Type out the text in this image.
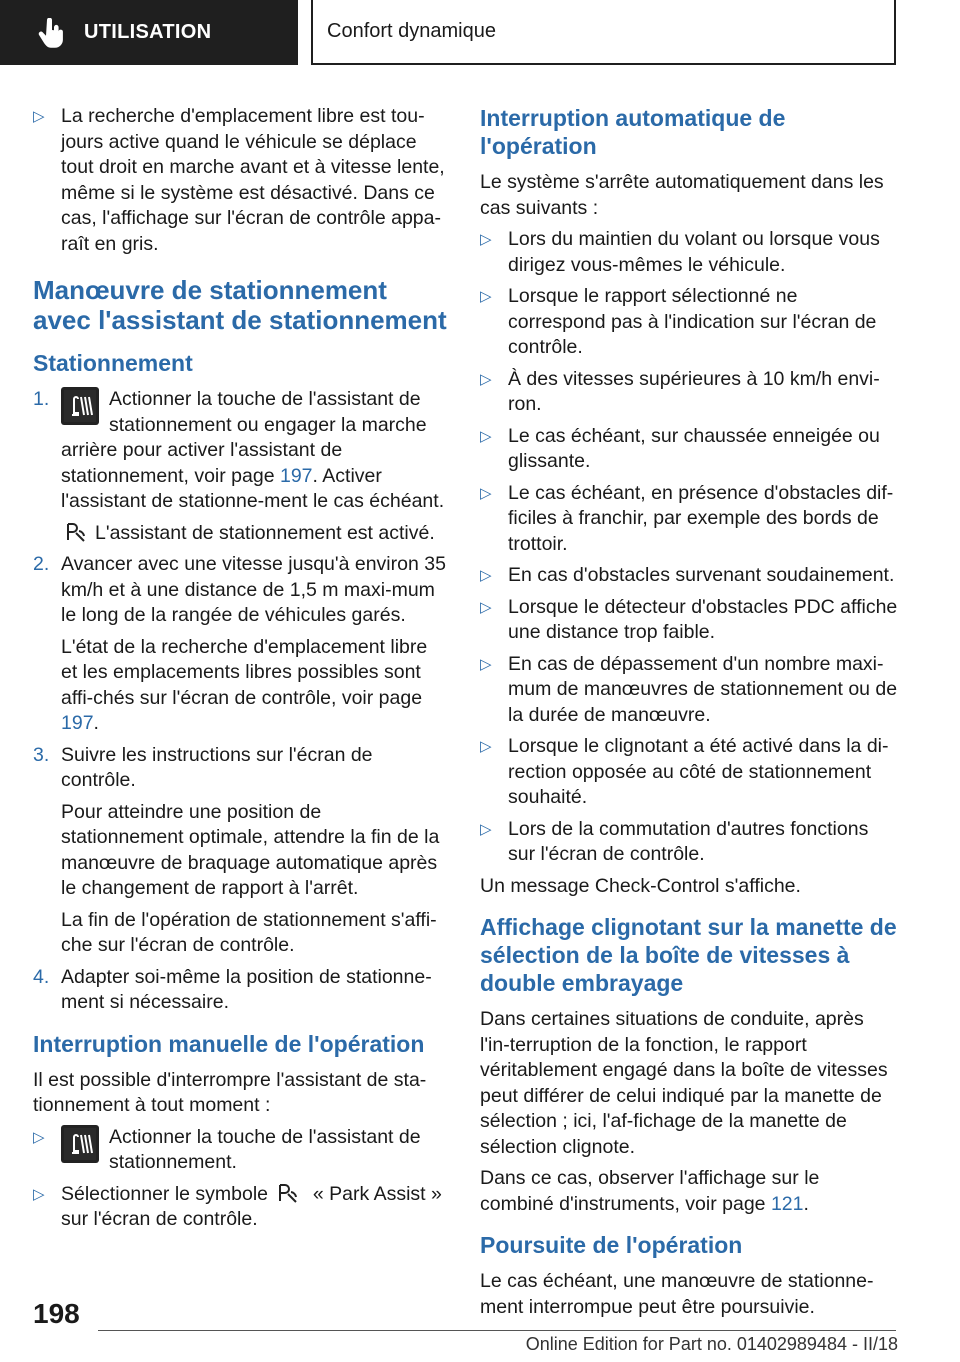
UTILISATION	Confort dynamique
▷ La recherche d'emplacement libre est tou-jours active quand le véhicule se déplace tout droit en marche avant et à vitesse lente, même si le système est désactivé. Dans ce cas, l'affichage sur l'écran de contrôle appa-raît en gris.
Manœuvre de stationnement avec l'assistant de stationnement
Stationnement
1.	Actionner la touche de l'assistant de stationnement ou engager la marche arrière pour activer l'assistant de stationnement, voir page 197. Activer l'assistant de stationne-ment le cas échéant.
L'assistant de stationnement est activé.
2. Avancer avec une vitesse jusqu'à environ 35 km/h et à une distance de 1,5 m maxi-mum le long de la rangée de véhicules garés.
L'état de la recherche d'emplacement libre et les emplacements libres possibles sont affi-chés sur l'écran de contrôle, voir page 197.
3. Suivre les instructions sur l'écran de contrôle.
Pour atteindre une position de stationnement optimale, attendre la fin de la manœuvre de braquage automatique après le changement de rapport à l'arrêt.
La fin de l'opération de stationnement s'affi-che sur l'écran de contrôle.
4. Adapter soi-même la position de stationne-ment si nécessaire.
Interruption manuelle de l'opération

Il est possible d'interrompre l'assistant de sta-tionnement à tout moment :

▷	Actionner la touche de l'assistant de stationnement.
▷ Sélectionner le symbole « Park Assist » sur l'écran de contrôle.
Interruption automatique de l'opération

Le système s'arrête automatiquement dans les cas suivants :

▷ Lors du maintien du volant ou lorsque vous dirigez vous-mêmes le véhicule.
▷ Lorsque le rapport sélectionné ne correspond pas à l'indication sur l'écran de contrôle.
▷ À des vitesses supérieures à 10 km/h envi-ron.
▷ Le cas échéant, sur chaussée enneigée ou glissante.
▷ Le cas échéant, en présence d'obstacles dif-ficiles à franchir, par exemple des bords de trottoir.
▷ En cas d'obstacles survenant soudainement.
▷ Lorsque le détecteur d'obstacles PDC affiche une distance trop faible.
▷ En cas de dépassement d'un nombre maxi-mum de manœuvres de stationnement ou de la durée de manœuvre.
▷ Lorsque le clignotant a été activé dans la di-rection opposée au côté de stationnement souhaité.
▷ Lors de la commutation d'autres fonctions sur l'écran de contrôle.

Un message Check-Control s'affiche.

Affichage clignotant sur la manette de sélection de la boîte de vitesses à double embrayage

Dans certaines situations de conduite, après l'in-terruption de la fonction, le rapport véritablement engagé dans la boîte de vitesses peut différer de celui indiqué par la manette de sélection ; ici, l'af-fichage de la manette de sélection clignote.

Dans ce cas, observer l'affichage sur le combiné d'instruments, voir page 121.

Poursuite de l'opération

Le cas échéant, une manœuvre de stationne-ment interrompue peut être poursuivie.

198
Online Edition for Part no. 01402989484 - II/18
